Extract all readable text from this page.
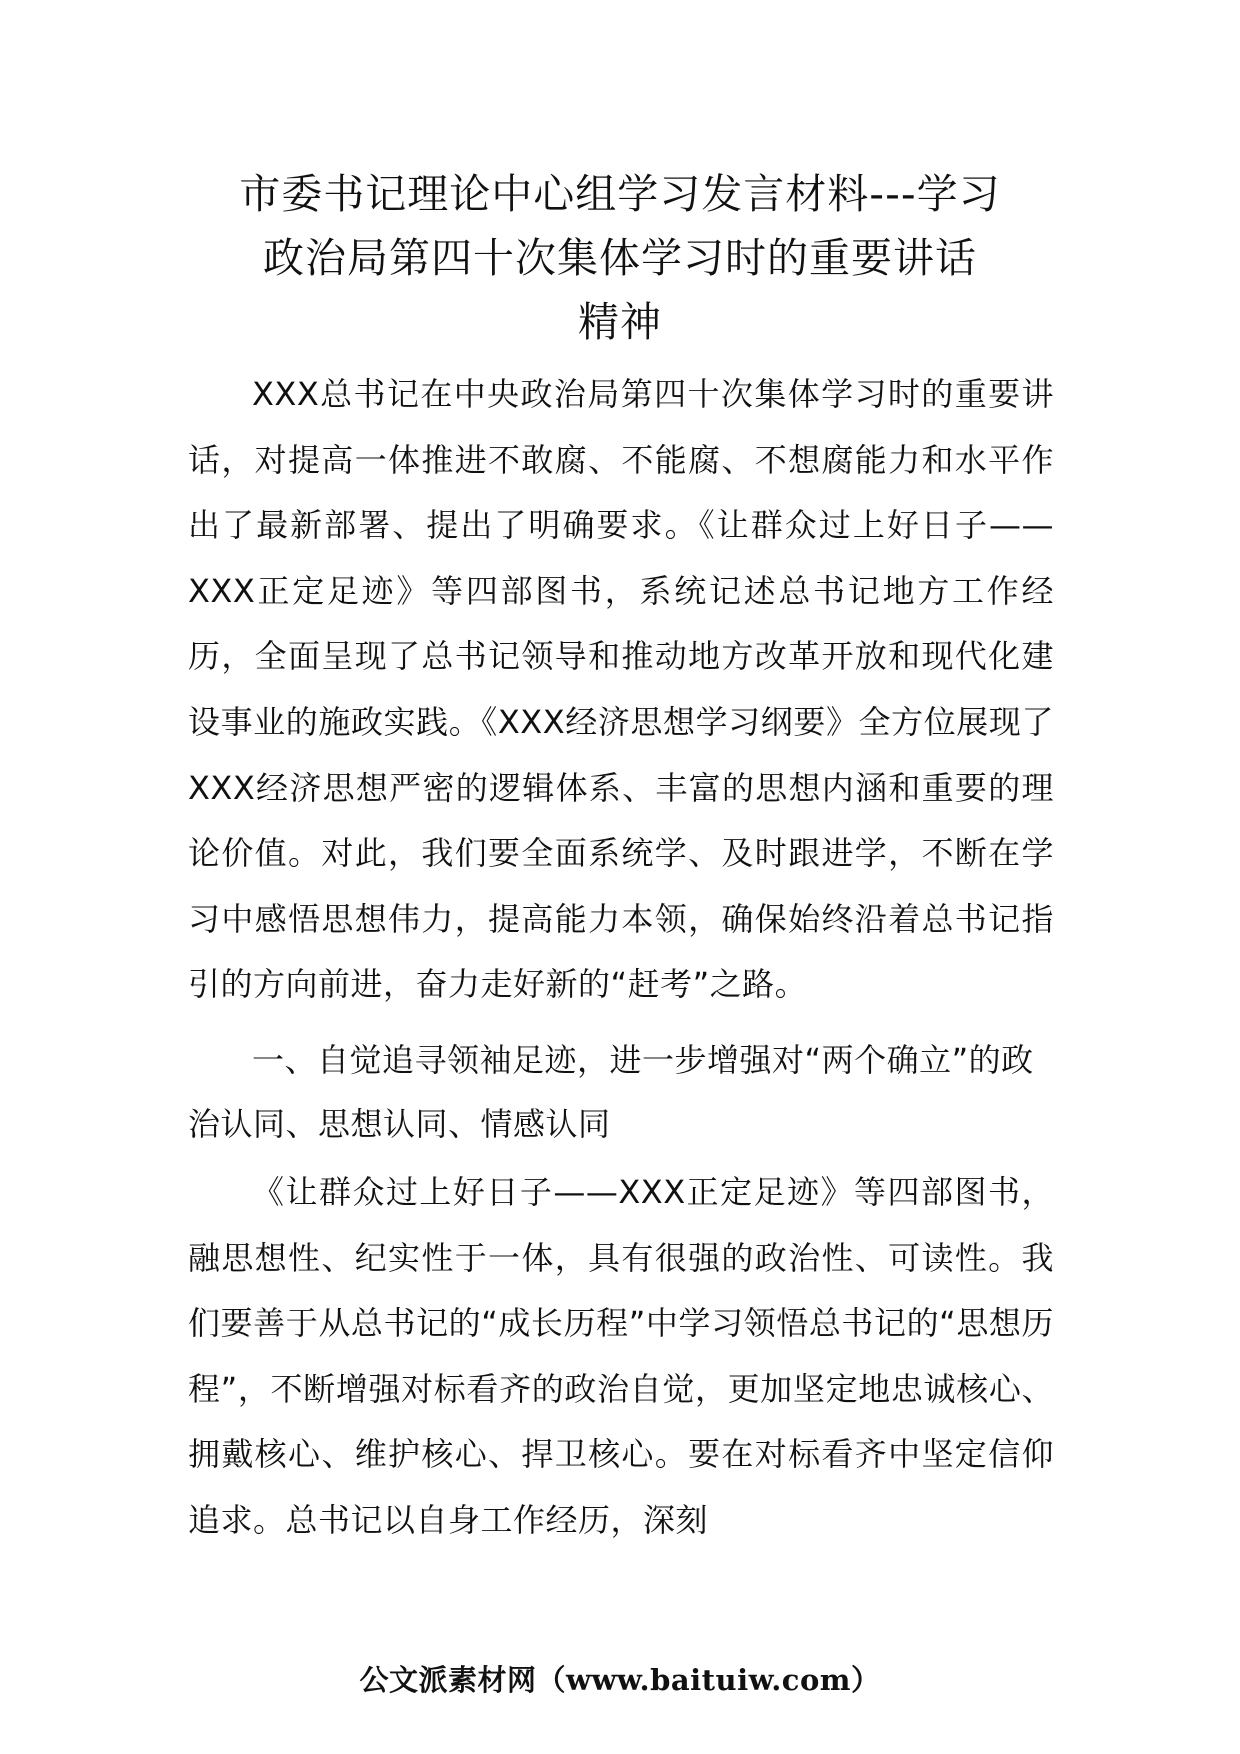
市委书记理论中心组学习发言材料---学习
政治局第四十次集体学习时的重要讲话
精神

XXX总书记在中央政治局第四十次集体学习时的重要讲话，对提高一体推进不敢腐、不能腐、不想腐能力和水平作出了最新部署、提出了明确要求。《让群众过上好日子——XXX正定足迹》等四部图书，系统记述总书记地方工作经历，全面呈现了总书记领导和推动地方改革开放和现代化建设事业的施政实践。《XXX经济思想学习纲要》全方位展现了XXX经济思想严密的逻辑体系、丰富的思想内涵和重要的理论价值。对此，我们要全面系统学、及时跟进学，不断在学习中感悟思想伟力，提高能力本领，确保始终沿着总书记指引的方向前进，奋力走好新的“赶考”之路。

一、自觉追寻领袖足迹，进一步增强对“两个确立”的政治认同、思想认同、情感认同

《让群众过上好日子——XXX正定足迹》等四部图书，融思想性、纪实性于一体，具有很强的政治性、可读性。我们要善于从总书记的“成长历程”中学习领悟总书记的“思想历程”，不断增强对标看齐的政治自觉，更加坚定地忠诚核心、拥戴核心、维护核心、捍卫核心。要在对标看齐中坚定信仰追求。总书记以自身工作经历，深刻

公文派素材网（www.baituiw.com）
